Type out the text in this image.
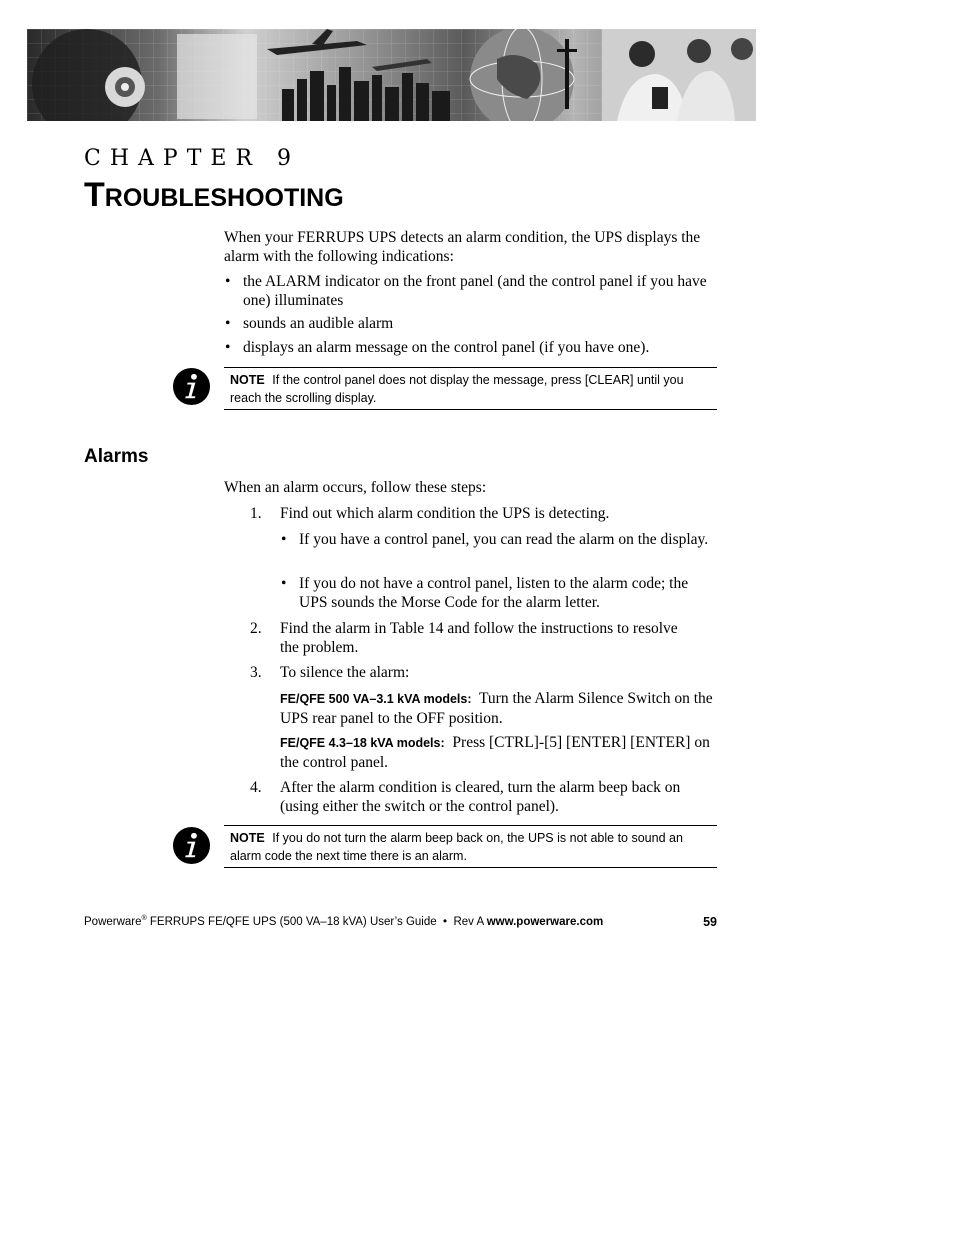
CHAPTER 9
TROUBLESHOOTING
When your FERRUPS UPS detects an alarm condition, the UPS displays the alarm with the following indications:
• the ALARM indicator on the front panel (and the control panel if you have one) illuminates
• sounds an audible alarm
• displays an alarm message on the control panel (if you have one).
NOTE If the control panel does not display the message, press [CLEAR] until you reach the scrolling display.
Alarms
When an alarm occurs, follow these steps:
1. Find out which alarm condition the UPS is detecting.
• If you have a control panel, you can read the alarm on the display.
• If you do not have a control panel, listen to the alarm code; the UPS sounds the Morse Code for the alarm letter.
2. Find the alarm in Table 14 and follow the instructions to resolve the problem.
3. To silence the alarm:
FE/QFE 500 VA–3.1 kVA models: Turn the Alarm Silence Switch on the UPS rear panel to the OFF position.
FE/QFE 4.3–18 kVA models: Press [CTRL]-[5] [ENTER] [ENTER] on the control panel.
4. After the alarm condition is cleared, turn the alarm beep back on (using either the switch or the control panel).
NOTE If you do not turn the alarm beep back on, the UPS is not able to sound an alarm code the next time there is an alarm.
Powerware® FERRUPS FE/QFE UPS (500 VA–18 kVA) User’s Guide  •  Rev A www.powerware.com	59
